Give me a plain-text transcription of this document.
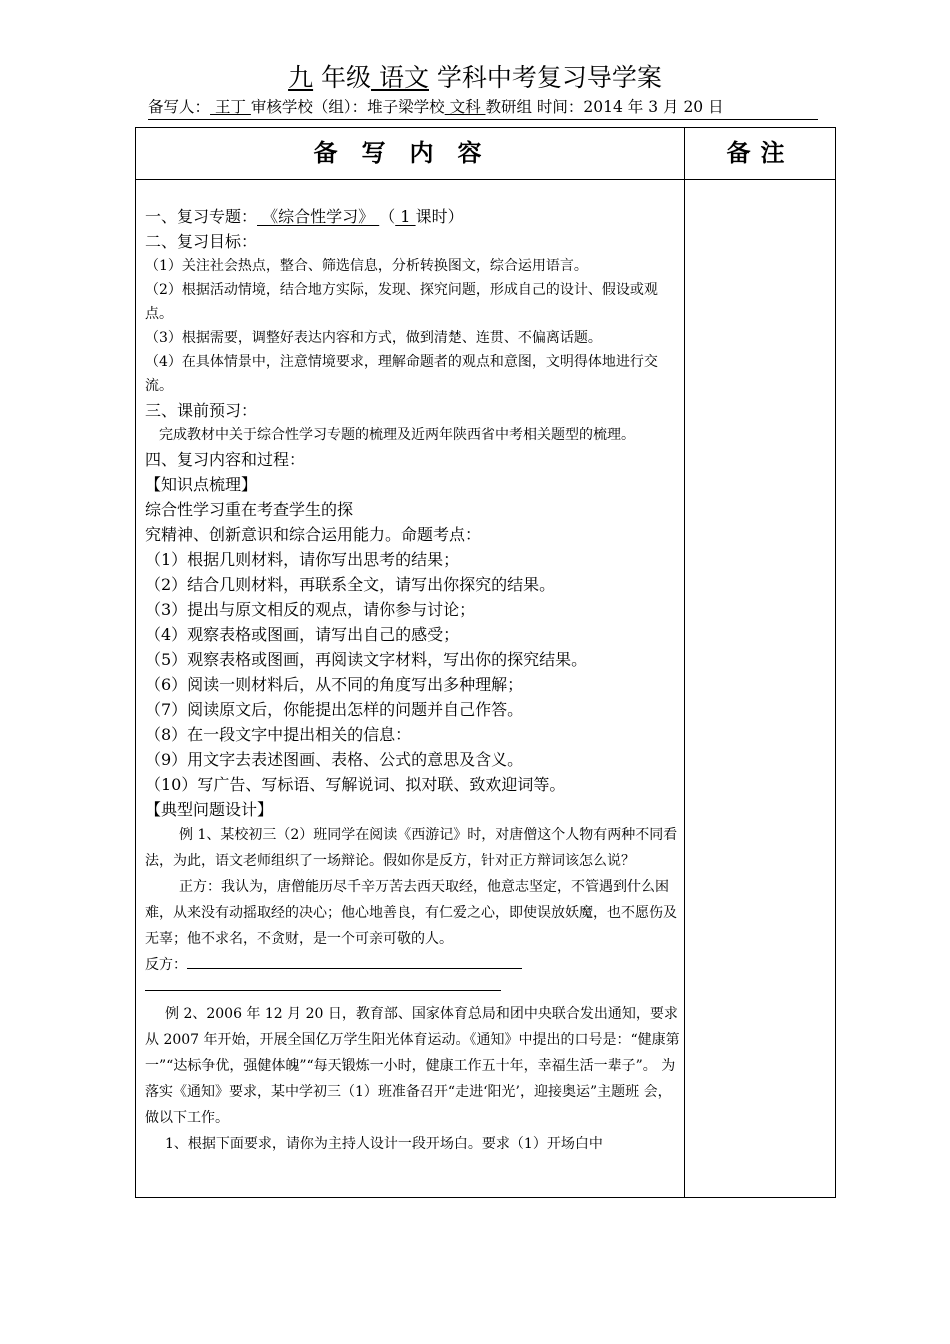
九 年级 语文 学科中考复习导学案
备写人： 王丁 审核学校（组）：堆子梁学校 文科 教研组 时间：2014 年 3 月 20 日
备写内容	备注

一、复习专题： 《综合性学习》 （ 1 课时）

二、复习目标：

（1）关注社会热点，整合、筛选信息，分析转换图文，综合运用语言。

（2）根据活动情境，结合地方实际，发现、探究问题，形成自己的设计、假设或观点。

（3）根据需要，调整好表达内容和方式，做到清楚、连贯、不偏离话题。

（4）在具体情景中，注意情境要求，理解命题者的观点和意图，文明得体地进行交流。

三、课前预习：

完成教材中关于综合性学习专题的梳理及近两年陕西省中考相关题型的梳理。

四、复习内容和过程：

【知识点梳理】

综合性学习重在考查学生的探

究精神、创新意识和综合运用能力。命题考点：

（1）根据几则材料，请你写出思考的结果；

（2）结合几则材料，再联系全文，请写出你探究的结果。

（3）提出与原文相反的观点，请你参与讨论；

（4）观察表格或图画，请写出自己的感受；

（5）观察表格或图画，再阅读文字材料，写出你的探究结果。

（6）阅读一则材料后，从不同的角度写出多种理解；

（7）阅读原文后，你能提出怎样的问题并自己作答。

（8）在一段文字中提出相关的信息：

（9）用文字去表述图画、表格、公式的意思及含义。

（10）写广告、写标语、写解说词、拟对联、致欢迎词等。

【典型问题设计】

例 1、某校初三（2）班同学在阅读《西游记》时，对唐僧这个人物有两种不同看法，为此，语文老师组织了一场辩论。假如你是反方，针对正方辩词该怎么说？

正方：我认为，唐僧能历尽千辛万苦去西天取经，他意志坚定，不管遇到什么困难，从来没有动摇取经的决心；他心地善良，有仁爱之心，即使误放妖魔，也不愿伤及无辜；他不求名，不贪财，是一个可亲可敬的人。

反方：

例 2、2006 年 12 月 20 日，教育部、国家体育总局和团中央联合发出通知，要求从 2007 年开始，开展全国亿万学生阳光体育运动。《通知》中提出的口号是：“健康第一”“达标争优，强健体魄”“每天锻炼一小时，健康工作五十年，幸福生活一辈子”。 为落实《通知》要求，某中学初三（1）班准备召开“走进‘阳光’，迎接奥运”主题班 会，做以下工作。

1、根据下面要求，请你为主持人设计一段开场白。要求（1）开场白中
